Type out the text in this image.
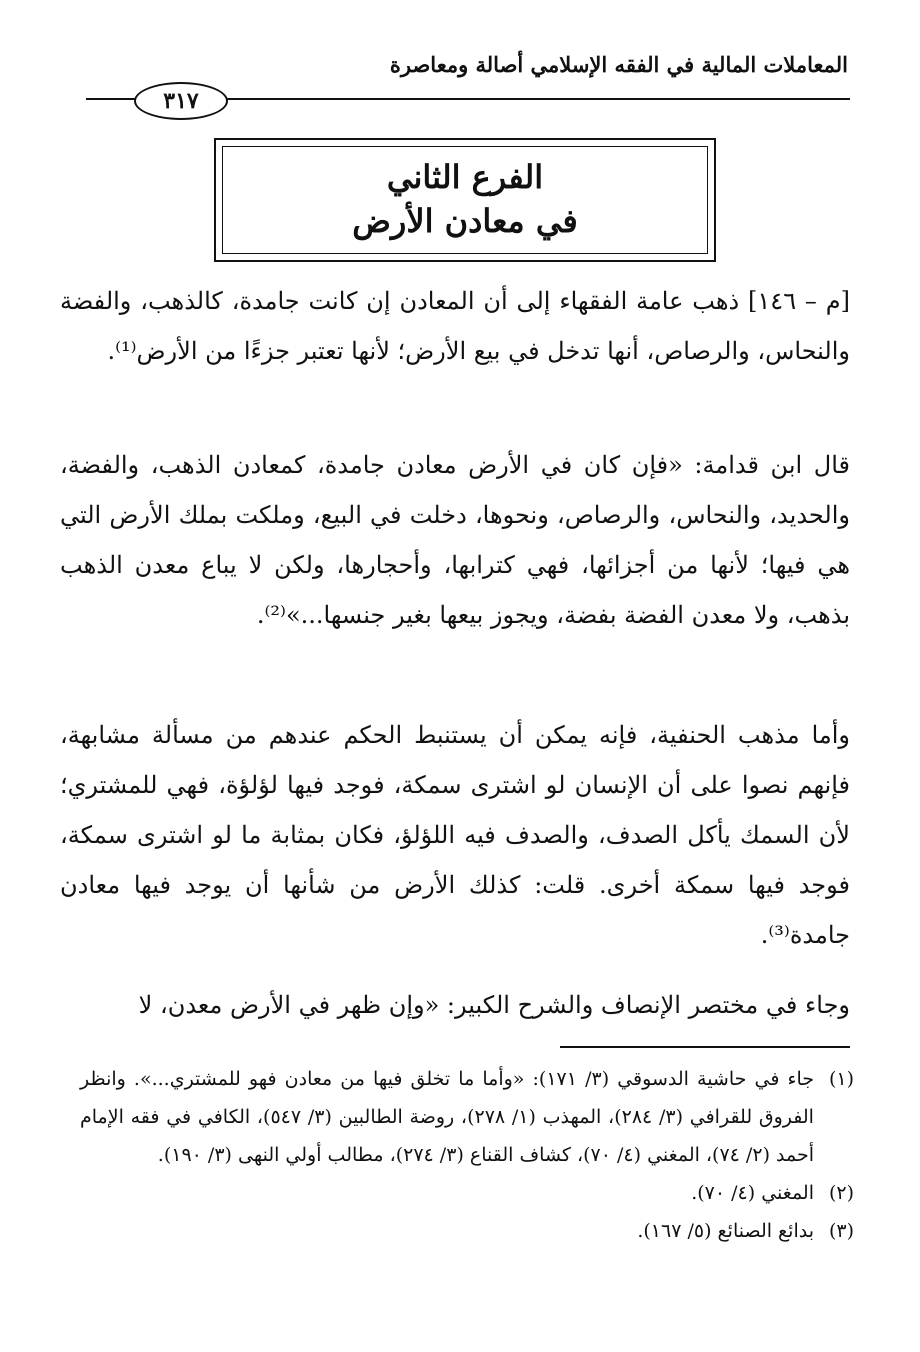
المعاملات المالية في الفقه الإسلامي أصالة ومعاصرة
٣١٧
الفرع الثاني
في معادن الأرض

[م – ١٤٦] ذهب عامة الفقهاء إلى أن المعادن إن كانت جامدة، كالذهب، والفضة والنحاس، والرصاص، أنها تدخل في بيع الأرض؛ لأنها تعتبر جزءًا من الأرض⁽¹⁾.

قال ابن قدامة: «فإن كان في الأرض معادن جامدة، كمعادن الذهب، والفضة، والحديد، والنحاس، والرصاص، ونحوها، دخلت في البيع، وملكت بملك الأرض التي هي فيها؛ لأنها من أجزائها، فهي كترابها، وأحجارها، ولكن لا يباع معدن الذهب بذهب، ولا معدن الفضة بفضة، ويجوز بيعها بغير جنسها...»⁽²⁾.

وأما مذهب الحنفية، فإنه يمكن أن يستنبط الحكم عندهم من مسألة مشابهة، فإنهم نصوا على أن الإنسان لو اشترى سمكة، فوجد فيها لؤلؤة، فهي للمشتري؛ لأن السمك يأكل الصدف، والصدف فيه اللؤلؤ، فكان بمثابة ما لو اشترى سمكة، فوجد فيها سمكة أخرى. قلت: كذلك الأرض من شأنها أن يوجد فيها معادن جامدة⁽³⁾.

وجاء في مختصر الإنصاف والشرح الكبير: «وإن ظهر في الأرض معدن، لا

(١)
جاء في حاشية الدسوقي (٣/ ١٧١): «وأما ما تخلق فيها من معادن فهو للمشتري...». وانظر الفروق للقرافي (٣/ ٢٨٤)، المهذب (١/ ٢٧٨)، روضة الطالبين (٣/ ٥٤٧)، الكافي في فقه الإمام أحمد (٢/ ٧٤)، المغني (٤/ ٧٠)، كشاف القناع (٣/ ٢٧٤)، مطالب أولي النهى (٣/ ١٩٠).
(٢)
المغني (٤/ ٧٠).
(٣)
بدائع الصنائع (٥/ ١٦٧).
